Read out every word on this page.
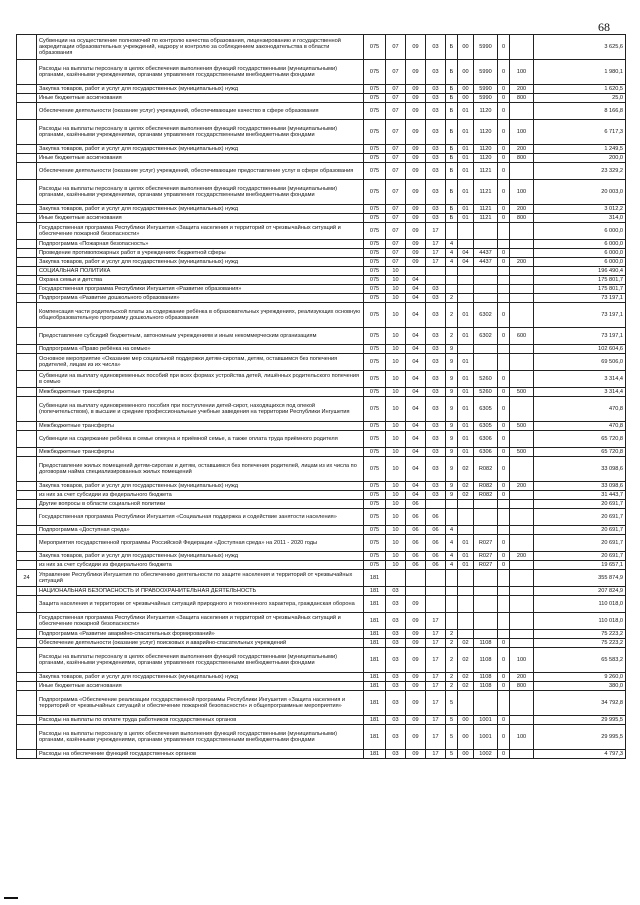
68
	Субвенции на осуществление полномочий по контролю качества образования, лицензированию и государственной аккредитации образовательных учреждений, надзору и контролю за соблюдением законодательства в области образования	075	07	09	03	Б	00	5990	0		3 625,6
	Расходы на выплаты персоналу в целях обеспечения выполнения функций государственными (муниципальными) органами, казёнными учреждениями, органами управления государственными внебюджетными фондами	075	07	09	03	Б	00	5990	0	100	1 980,1
	Закупка товаров, работ и услуг для государственных (муниципальных) нужд	075	07	09	03	Б	00	5990	0	200	1 620,5
	Иные бюджетные ассигнования	075	07	09	03	Б	00	5990	0	800	25,0
	Обеспечение деятельности (оказание услуг) учреждений, обеспечивающие качество в сфере образования	075	07	09	03	Б	01	1120	0		8 166,8
	Расходы на выплаты персоналу в целях обеспечения выполнения функций государственными (муниципальными) органами, казёнными учреждениями, органами управления государственными внебюджетными фондами	075	07	09	03	Б	01	1120	0	100	6 717,3
	Закупка товаров, работ и услуг для государственных (муниципальных) нужд	075	07	09	03	Б	01	1120	0	200	1 249,5
	Иные бюджетные ассигнования	075	07	09	03	Б	01	1120	0	800	200,0
	Обеспечение деятельности (оказание услуг) учреждений, обеспечивающие предоставление услуг в сфере образования	075	07	09	03	Б	01	1121	0		23 329,2
	Расходы на выплаты персоналу в целях обеспечения выполнения функций государственными (муниципальными) органами, казёнными учреждениями, органами управления государственными внебюджетными фондами	075	07	09	03	Б	01	1121	0	100	20 003,0
	Закупка товаров, работ и услуг для государственных (муниципальных) нужд	075	07	09	03	Б	01	1121	0	200	3 012,2
	Иные бюджетные ассигнования	075	07	09	03	Б	01	1121	0	800	314,0
	Государственная программа Республики Ингушетия «Защита населения и территорий от чрезвычайных ситуаций и обеспечение пожарной безопасности»	075	07	09	17						6 000,0
	Подпрограмма «Пожарная безопасность»	075	07	09	17	4					6 000,0
	Проведение противопожарных работ в учреждениях бюджетной сферы	075	07	09	17	4	04	4437	0		6 000,0
	Закупка товаров, работ и услуг для государственных (муниципальных) нужд	075	07	09	17	4	04	4437	0	200	6 000,0
	СОЦИАЛЬНАЯ ПОЛИТИКА	075	10								196 490,4
	Охрана семьи и детства	075	10	04							175 801,7
	Государственная программа Республики Ингушетия «Развитие образования»	075	10	04	03						175 801,7
	Подпрограмма «Развитие дошкольного образования»	075	10	04	03	2					73 197,1
	Компенсация части родительской платы за содержание ребёнка в образовательных учреждениях, реализующих основную общеобразовательную программу дошкольного образования	075	10	04	03	2	01	6302	0		73 197,1
	Предоставление субсидий бюджетным, автономным учреждениям и иным некоммерческим организациям	075	10	04	03	2	01	6302	0	600	73 197,1
	Подпрограмма «Право ребёнка на семью»	075	10	04	03	9					102 604,6
	Основное мероприятие «Оказание мер социальной поддержки детям-сиротам, детям, оставшимся без попечения родителей, лицам из их числа»	075	10	04	03	9	01				69 506,0
	Субвенции на выплату единовременных пособий при всех формах устройства детей, лишённых родительского попечения в семью	075	10	04	03	9	01	5260	0		3 314,4
	Межбюджетные трансферты	075	10	04	03	9	01	5260	0	500	3 314,4
	Субвенции на выплату единовременного пособия при поступлении детей-сирот, находящихся под опекой (попечительством), в высшие и средние профессиональные учебные заведения на территории Республики Ингушетия	075	10	04	03	9	01	6305	0		470,8
	Межбюджетные трансферты	075	10	04	03	9	01	6305	0	500	470,8
	Субвенции на содержание ребёнка в семье опекуна и приёмной семье, а также оплата труда приёмного родителя	075	10	04	03	9	01	6306	0		65 720,8
	Межбюджетные трансферты	075	10	04	03	9	01	6306	0	500	65 720,8
	Предоставление жилых помещений детям-сиротам и детям, оставшимся без попечения родителей, лицам из их числа по договорам найма специализированных жилых помещений	075	10	04	03	9	02	R082	0		33 098,6
	Закупка товаров, работ и услуг для государственных (муниципальных) нужд	075	10	04	03	9	02	R082	0	200	33 098,6
	из них за счет субсидии из федерального бюджета	075	10	04	03	9	02	R082	0		31 443,7
	Другие вопросы в области социальной политики	075	10	06							20 691,7
	Государственная программа Республики Ингушетия «Социальная поддержка и содействие занятости населения»	075	10	06	06						20 691,7
	Подпрограмма «Доступная среда»	075	10	06	06	4					20 691,7
	Мероприятия государственной программы Российской Федерации «Доступная среда» на 2011 - 2020 годы	075	10	06	06	4	01	R027	0		20 691,7
	Закупка товаров, работ и услуг для государственных (муниципальных) нужд	075	10	06	06	4	01	R027	0	200	20 691,7
	из них за счет субсидии из федерального бюджета	075	10	06	06	4	01	R027	0		19 657,1
24	Управление Республики Ингушетия по обеспечению деятельности по защите населения и территорий от чрезвычайных ситуаций	181									355 874,9
	НАЦИОНАЛЬНАЯ БЕЗОПАСНОСТЬ И ПРАВООХРАНИТЕЛЬНАЯ ДЕЯТЕЛЬНОСТЬ	181	03								207 824,9
	Защита населения и территории от чрезвычайных ситуаций природного и техногенного характера, гражданская оборона	181	03	09							110 018,0
	Государственная программа Республики Ингушетия «Защита населения и территорий от чрезвычайных ситуаций и обеспечение пожарной безопасности»	181	03	09	17						110 018,0
	Подпрограмма «Развитие аварийно-спасательных формирований»	181	03	09	17	2					75 223,2
	Обеспечение деятельности (оказание услуг) поисковых и аварийно-спасательных учреждений	181	03	09	17	2	02	1108	0		75 223,2
	Расходы на выплаты персоналу в целях обеспечения выполнения функций государственными (муниципальными) органами, казёнными учреждениями, органами управления государственными внебюджетными фондами	181	03	09	17	2	02	1108	0	100	65 583,2
	Закупка товаров, работ и услуг для государственных (муниципальных) нужд	181	03	09	17	2	02	1108	0	200	9 260,0
	Иные бюджетные ассигнования	181	03	09	17	2	02	1108	0	800	380,0
	Подпрограмма «Обеспечение реализации государственной программы Республики Ингушетия «Защита населения и территорий от чрезвычайных ситуаций и обеспечение пожарной безопасности» и общепрограммные мероприятия»	181	03	09	17	5					34 792,8
	Расходы на выплаты по оплате труда работников государственных органов	181	03	09	17	5	00	1001	0		29 995,5
	Расходы на выплаты персоналу в целях обеспечения выполнения функций государственными (муниципальными) органами, казёнными учреждениями, органами управления государственными внебюджетными фондами	181	03	09	17	5	00	1001	0	100	29 995,5
	Расходы на обеспечение функций государственных органов	181	03	09	17	5	00	1002	0		4 797,3
